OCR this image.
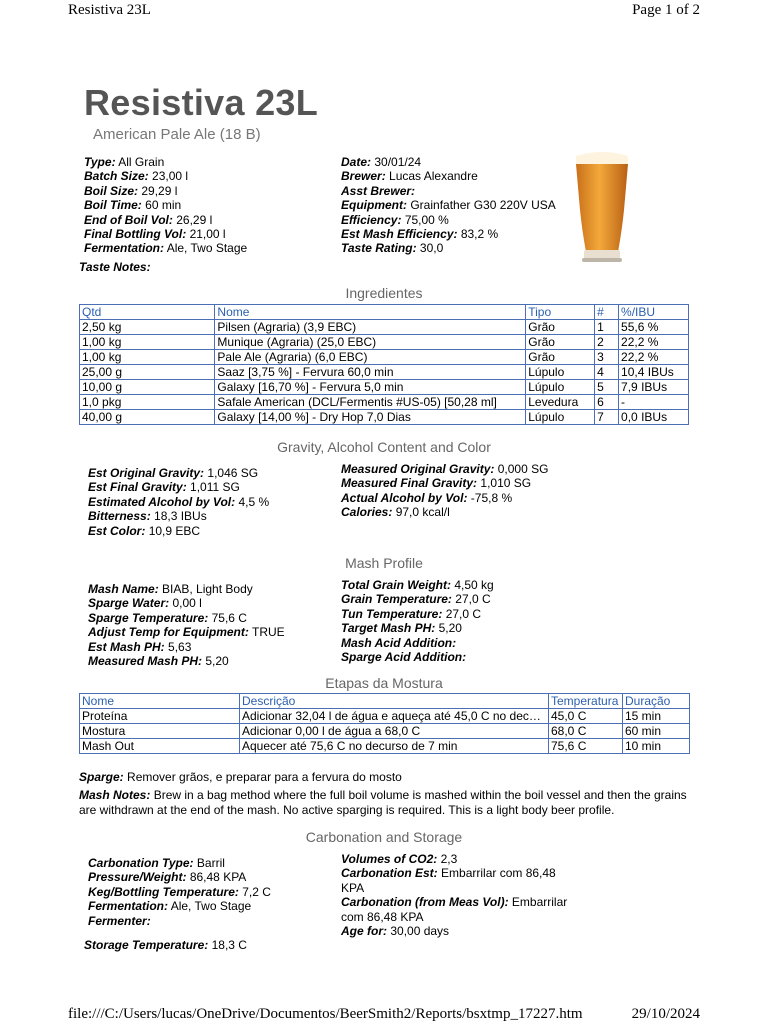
Resistiva 23L	Page 1 of 2
Resistiva 23L
American Pale Ale (18 B)
Type: All Grain
Batch Size: 23,00 l
Boil Size: 29,29 l
Boil Time: 60 min
End of Boil Vol: 26,29 l
Final Bottling Vol: 21,00 l
Fermentation: Ale, Two Stage
Date: 30/01/24
Brewer: Lucas Alexandre
Asst Brewer:
Equipment: Grainfather G30 220V USA
Efficiency: 75,00 %
Est Mash Efficiency: 83,2 %
Taste Rating: 30,0
Taste Notes:
Ingredientes
Qtd	Nome	Tipo	#	%/IBU
2,50 kg	Pilsen (Agraria) (3,9 EBC)	Grão	1	55,6 %
1,00 kg	Munique (Agraria) (25,0 EBC)	Grão	2	22,2 %
1,00 kg	Pale Ale (Agraria) (6,0 EBC)	Grão	3	22,2 %
25,00 g	Saaz [3,75 %] - Fervura 60,0 min	Lúpulo	4	10,4 IBUs
10,00 g	Galaxy [16,70 %] - Fervura 5,0 min	Lúpulo	5	7,9 IBUs
1,0 pkg	Safale American (DCL/Fermentis #US-05) [50,28 ml]	Levedura	6	-
40,00 g	Galaxy [14,00 %] - Dry Hop 7,0 Dias	Lúpulo	7	0,0 IBUs
Gravity, Alcohol Content and Color
Est Original Gravity: 1,046 SG
Est Final Gravity: 1,011 SG
Estimated Alcohol by Vol: 4,5 %
Bitterness: 18,3 IBUs
Est Color: 10,9 EBC
Measured Original Gravity: 0,000 SG
Measured Final Gravity: 1,010 SG
Actual Alcohol by Vol: -75,8 %
Calories: 97,0 kcal/l
Mash Profile
Mash Name: BIAB, Light Body
Sparge Water: 0,00 l
Sparge Temperature: 75,6 C
Adjust Temp for Equipment: TRUE
Est Mash PH: 5,63
Measured Mash PH: 5,20
Total Grain Weight: 4,50 kg
Grain Temperature: 27,0 C
Tun Temperature: 27,0 C
Target Mash PH: 5,20
Mash Acid Addition:
Sparge Acid Addition:
Etapas da Mostura
Nome	Descrição	Temperatura	Duração
Proteína	Adicionar 32,04 l de água e aqueça até 45,0 C no dec…	45,0 C	15 min
Mostura	Adicionar 0,00 l de água a 68,0 C	68,0 C	60 min
Mash Out	Aquecer até 75,6 C no decurso de 7 min	75,6 C	10 min
Sparge: Remover grãos, e preparar para a fervura do mosto
Mash Notes: Brew in a bag method where the full boil volume is mashed within the boil vessel and then the grains are withdrawn at the end of the mash. No active sparging is required. This is a light body beer profile.
Carbonation and Storage
Carbonation Type: Barril
Pressure/Weight: 86,48 KPA
Keg/Bottling Temperature: 7,2 C
Fermentation: Ale, Two Stage
Fermenter:
Storage Temperature: 18,3 C
Volumes of CO2: 2,3
Carbonation Est: Embarrilar com 86,48 KPA
Carbonation (from Meas Vol): Embarrilar com 86,48 KPA
Age for: 30,00 days
file:///C:/Users/lucas/OneDrive/Documentos/BeerSmith2/Reports/bsxtmp_17227.htm	29/10/2024
